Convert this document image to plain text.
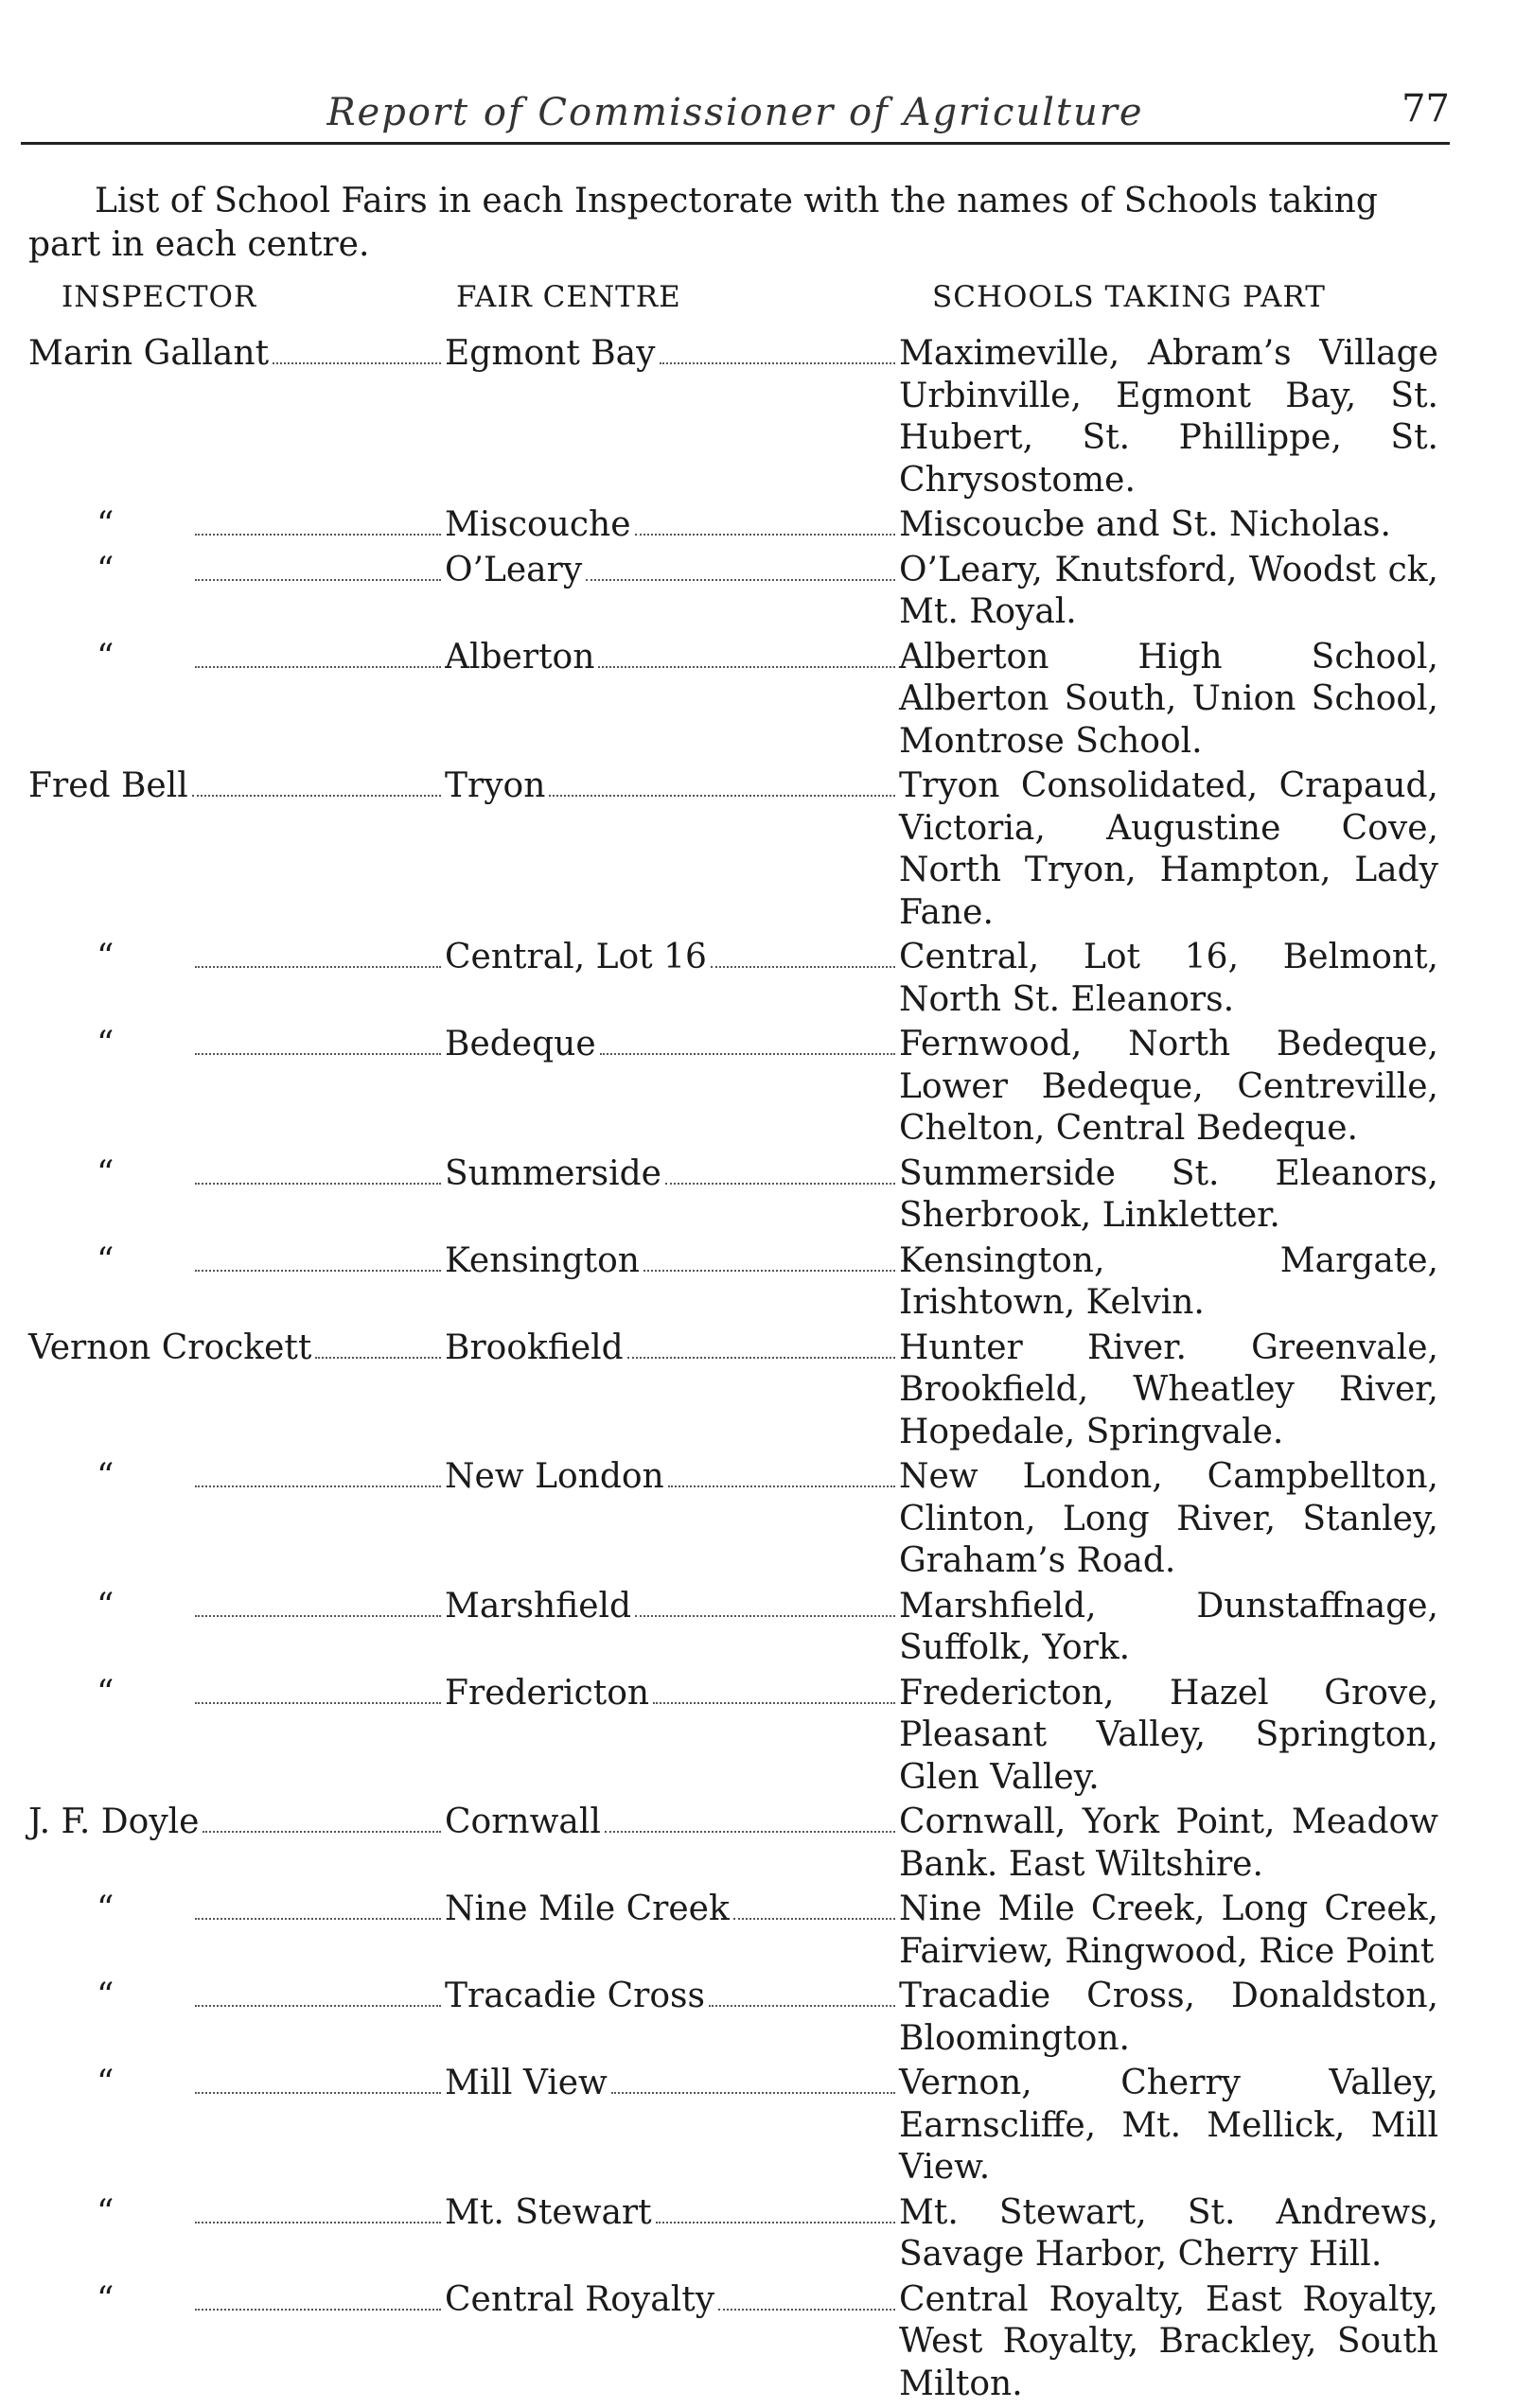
Report of Commissioner of Agriculture	77

List of School Fairs in each Inspectorate with the names of Schools taking part in each centre.

INSPECTOR	FAIR CENTRE	SCHOOLS TAKING PART
Marin Gallant	Egmont Bay	Maximeville, Abram’s Village Urbinville, Egmont Bay, St. Hubert, St. Phillippe, St. Chrysostome.
“	Miscouche	Miscoucbe and St. Nicholas.
“	O’Leary	O’Leary, Knutsford, Woodst ck, Mt. Royal.
“	Alberton	Alberton High School, Alberton South, Union School, Montrose School.
Fred Bell	Tryon	Tryon Consolidated, Crapaud, Victoria, Augustine Cove, North Tryon, Hampton, Lady Fane.
“	Central, Lot 16	Central, Lot 16, Belmont, North St. Eleanors.
“	Bedeque	Fernwood, North Bedeque, Lower Bedeque, Centreville, Chelton, Central Bedeque.
“	Summerside	Summerside St. Eleanors, Sherbrook, Linkletter.
“	Kensington	Kensington, Margate, Irishtown, Kelvin.
Vernon Crockett	Brookfield	Hunter River. Greenvale, Brookfield, Wheatley River, Hopedale, Springvale.
“	New London	New London, Campbellton, Clinton, Long River, Stanley, Graham’s Road.
“	Marshfield	Marshfield, Dunstaffnage, Suffolk, York.
“	Fredericton	Fredericton, Hazel Grove, Pleasant Valley, Springton, Glen Valley.
J. F. Doyle	Cornwall	Cornwall, York Point, Meadow Bank. East Wiltshire.
“	Nine Mile Creek	Nine Mile Creek, Long Creek, Fairview, Ringwood, Rice Point
“	Tracadie Cross	Tracadie Cross, Donaldston, Bloomington.
“	Mill View	Vernon, Cherry Valley, Earnscliffe, Mt. Mellick, Mill View.
“	Mt. Stewart	Mt. Stewart, St. Andrews, Savage Harbor, Cherry Hill.
“	Central Royalty	Central Royalty, East Royalty, West Royalty, Brackley, South Milton.
